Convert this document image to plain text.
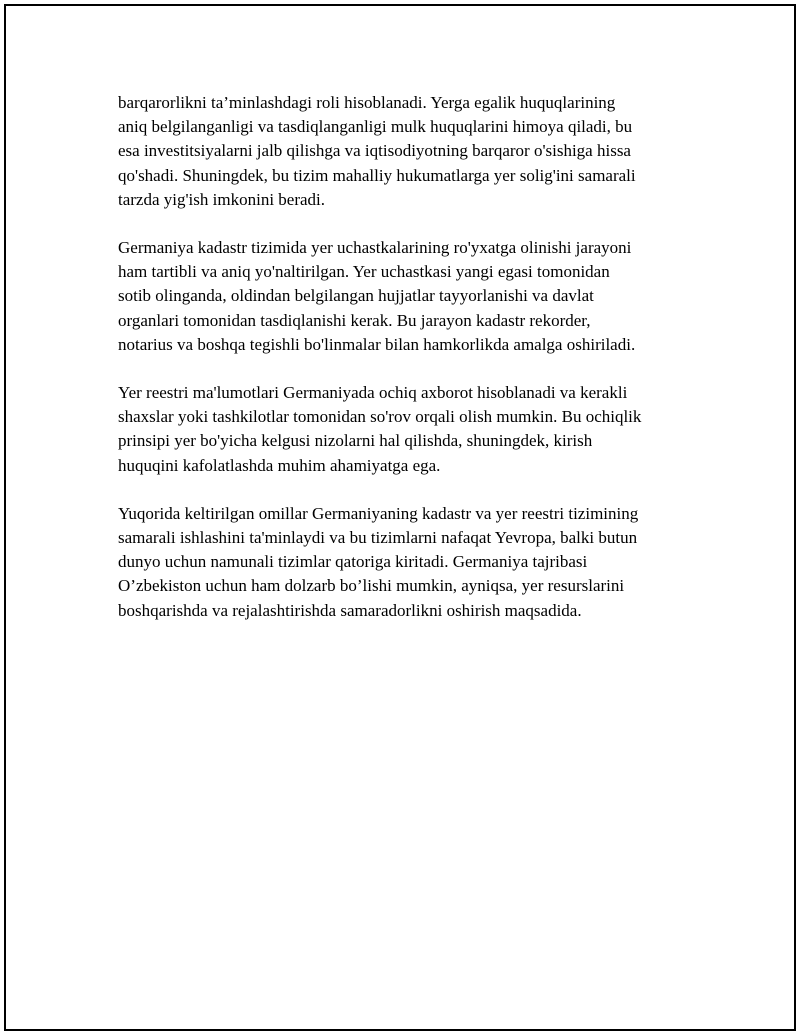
barqarorlikni ta’minlashdagi roli hisoblanadi. Yerga egalik huquqlarining
aniq belgilanganligi va tasdiqlanganligi mulk huquqlarini himoya qiladi, bu
esa investitsiyalarni jalb qilishga va iqtisodiyotning barqaror o'sishiga hissa
qo'shadi. Shuningdek, bu tizim mahalliy hukumatlarga yer solig'ini samarali
tarzda yig'ish imkonini beradi.

Germaniya kadastr tizimida yer uchastkalarining ro'yxatga olinishi jarayoni
ham tartibli va aniq yo'naltirilgan. Yer uchastkasi yangi egasi tomonidan
sotib olinganda, oldindan belgilangan hujjatlar tayyorlanishi va davlat
organlari tomonidan tasdiqlanishi kerak. Bu jarayon kadastr rekorder,
notarius va boshqa tegishli bo'linmalar bilan hamkorlikda amalga oshiriladi.

Yer reestri ma'lumotlari Germaniyada ochiq axborot hisoblanadi va kerakli
shaxslar yoki tashkilotlar tomonidan so'rov orqali olish mumkin. Bu ochiqlik
prinsipi yer bo'yicha kelgusi nizolarni hal qilishda, shuningdek, kirish
huquqini kafolatlashda muhim ahamiyatga ega.

Yuqorida keltirilgan omillar Germaniyaning kadastr va yer reestri tizimining
samarali ishlashini ta'minlaydi va bu tizimlarni nafaqat Yevropa, balki butun
dunyo uchun namunali tizimlar qatoriga kiritadi. Germaniya tajribasi
O’zbekiston uchun ham dolzarb bo’lishi mumkin, ayniqsa, yer resurslarini
boshqarishda va rejalashtirishda samaradorlikni oshirish maqsadida.
